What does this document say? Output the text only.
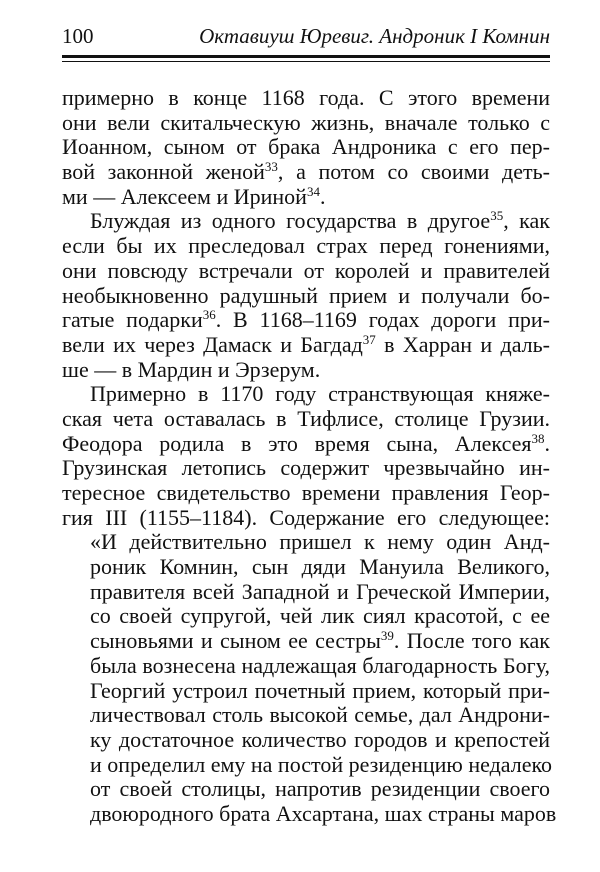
100	Октавиуш Юревиг. Андроник I Комнин
примерно в конце 1168 года. С этого времени
они вели скитальческую жизнь, вначале только с
Иоанном, сыном от брака Андроника с его пер-
вой законной женой$^{33}$, а потом со своими деть-
ми — Алексеем и Ириной$^{34}$.
Блуждая из одного государства в другое$^{35}$, как
если бы их преследовал страх перед гонениями,
они повсюду встречали от королей и правителей
необыкновенно радушный прием и получали бо-
гатые подарки$^{36}$. В 1168–1169 годах дороги при-
вели их через Дамаск и Багдад$^{37}$ в Харран и даль-
ше — в Мардин и Эрзерум.
Примерно в 1170 году странствующая княже-
ская чета оставалась в Тифлисе, столице Грузии.
Феодора родила в это время сына, Алексея$^{38}$.
Грузинская летопись содержит чрезвычайно ин-
тересное свидетельство времени правления Геор-
гия III (1155–1184). Содержание его следующее:
«И действительно пришел к нему один Анд-
роник Комнин, сын дяди Мануила Великого,
правителя всей Западной и Греческой Империи,
со своей супругой, чей лик сиял красотой, с ее
сыновьями и сыном ее сестры$^{39}$. После того как
была вознесена надлежащая благодарность Богу,
Георгий устроил почетный прием, который при-
личествовал столь высокой семье, дал Андрони-
ку достаточное количество городов и крепостей
и определил ему на постой резиденцию недалеко
от своей столицы, напротив резиденции своего
двоюродного брата Ахсартана, шах страны маров
